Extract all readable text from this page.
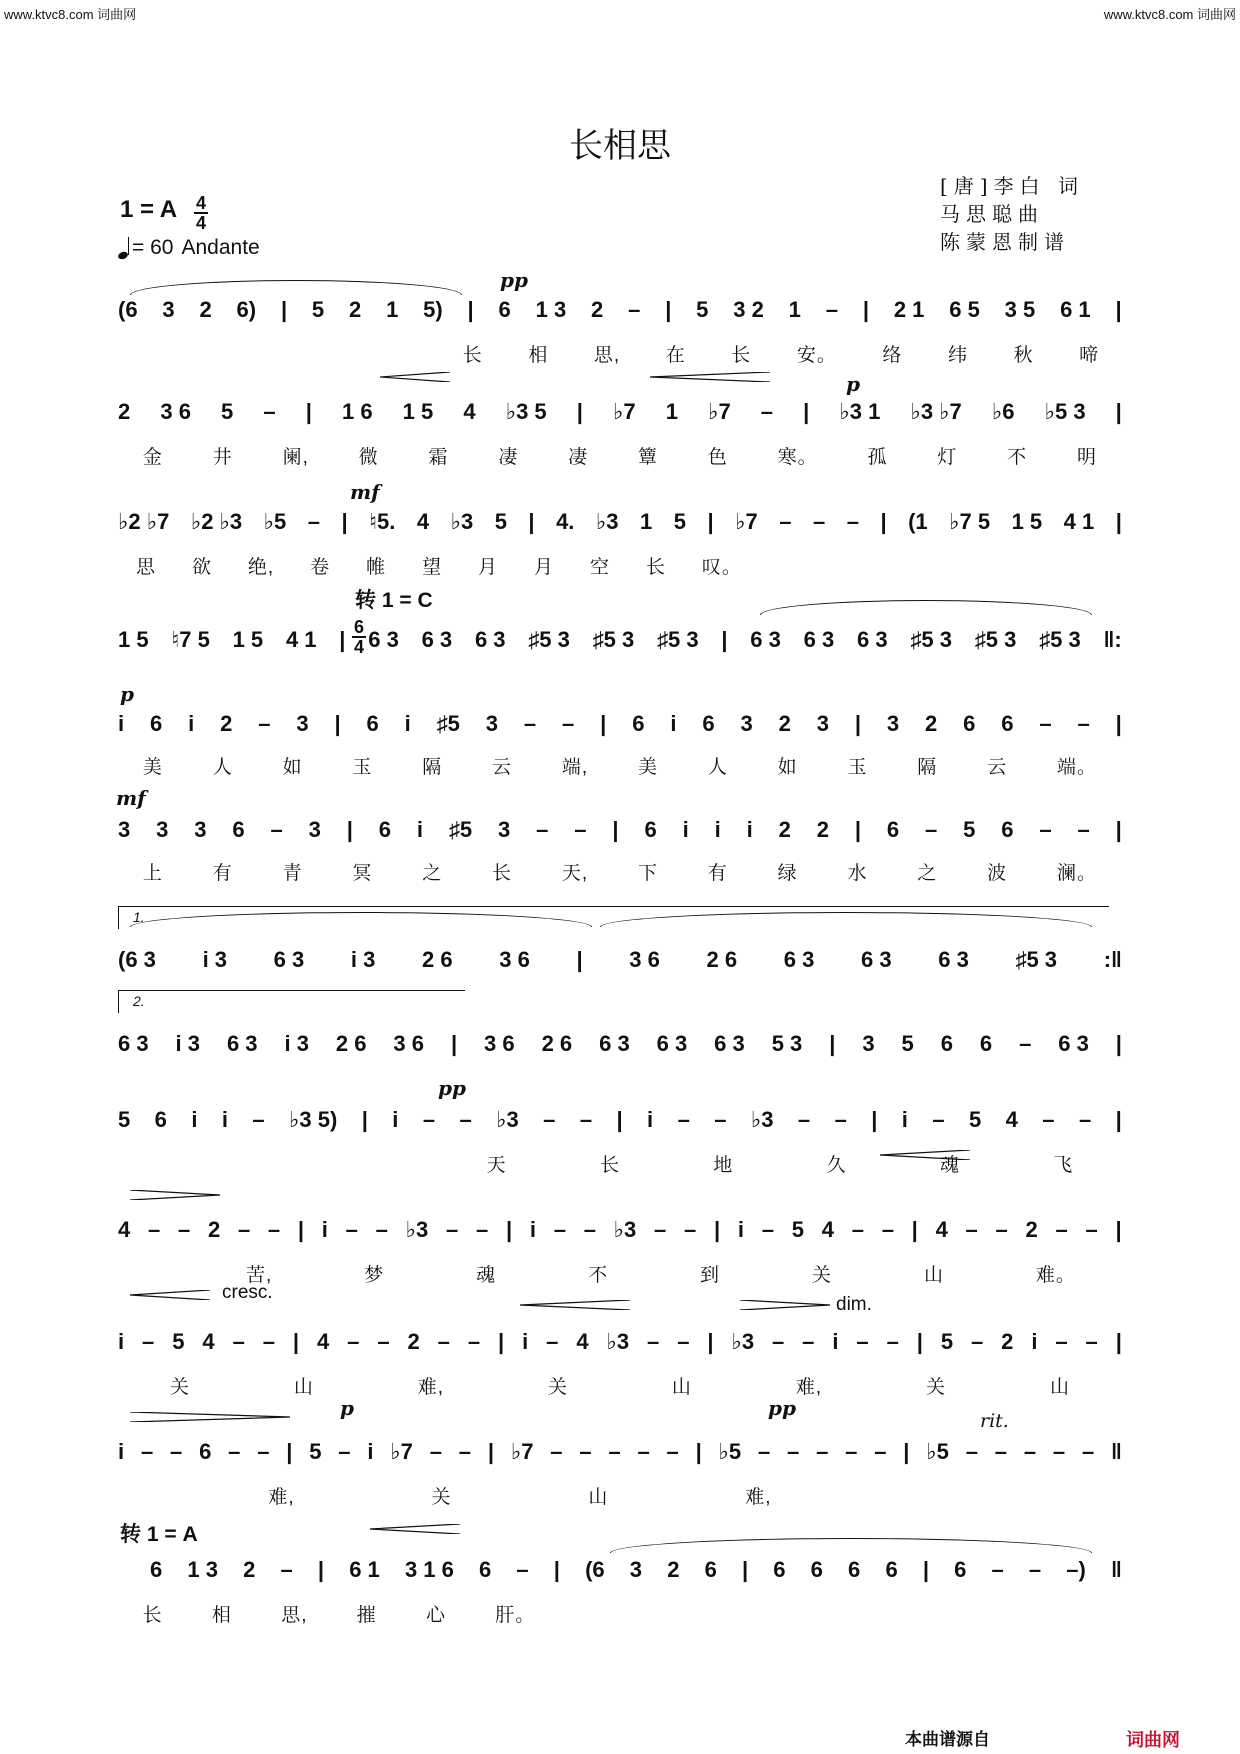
www.ktvc8.com 词曲网	www.ktvc8.com 词曲网
长相思
[唐]李白 词
马思聪曲
陈蒙恩制谱
1 = A 4
4
= 60 Andante
pp
p
mf
转 1 = C
6
4
p
mf
1.
2.
pp
cresc.
dim.
p	pp
rit.
转 1 = A
(6 3 2 6) | 5 2 1 5) | 6 1 3 2 – | 5 3 2 1 – | 2 1 6 5 3 5 6 1 |
长 相 思, 在 长 安。 络 纬 秋 啼
2 3 6 5 – | 1 6 1 5 4 ♭3 5 | ♭7 1 ♭7 – | ♭3 1 ♭3 ♭7 ♭6 ♭5 3 |
金	井	阑,	微	霜	凄	凄	簟	色	寒。	孤	灯	不	明
♭2 ♭7 ♭2 ♭3 ♭5 – | ♮5. 4 ♭3 5 | 4. ♭3 1 5 | ♭7 – – – | (1 ♭7 5 1 5 4 1 |
思 欲 绝, 卷 帷 望 月 月 空 长 叹。
1 5 ♮7 5 1 5 4 1 | 6 3 6 3 6 3 ♯5 3 ♯5 3 ♯5 3 | 6 3 6 3 6 3 ♯5 3 ♯5 3 ♯5 3 ‖:
i 6 i 2 – 3 | 6 i ♯5 3 – – | 6 i 6 3 2 3 | 3 2 6 6 – – |
美	人	如	玉	隔	云	端,	美	人	如	玉	隔	云	端。
3 3 3 6 – 3 | 6 i ♯5 3 – – | 6 i i i 2 2 | 6 – 5 6 – – |
上	有	青	冥	之	长	天,	下	有	绿	水	之	波	澜。
(6 3 i 3 6 3 i 3 2 6 3 6 | 3 6 2 6 6 3 6 3 6 3 ♯5 3 :‖
6 3 i 3 6 3 i 3 2 6 3 6 | 3 6 2 6 6 3 6 3 6 3 5 3 | 3 5 6 6 – 6 3 |
5 6 i i – ♭3 5) | i – – ♭3 – – | i – – ♭3 – – | i – 5 4 – – |
天	长	地	久	魂	飞
4 – – 2 – – | i – – ♭3 – – | i – – ♭3 – – | i – 5 4 – – | 4 – – 2 – – |
苦,	梦	魂	不	到	关	山	难。
i – 5 4 – – | 4 – – 2 – – | i – 4 ♭3 – – | ♭3 – – i – – | 5 – 2 i – – |
关	山	难,	关	山	难,	关	山
i – – 6 – – | 5 – i ♭7 – – | ♭7 – – – – – | ♭5 – – – – – | ♭5 – – – – – ‖
难,	关	山	难,
6 1 3 2 – | 6 1 3 1 6 6 – | (6 3 2 6 | 6 6 6 6 | 6 – – –) ‖
长	相	思,	摧	心	肝。
本曲谱源自	词曲网
